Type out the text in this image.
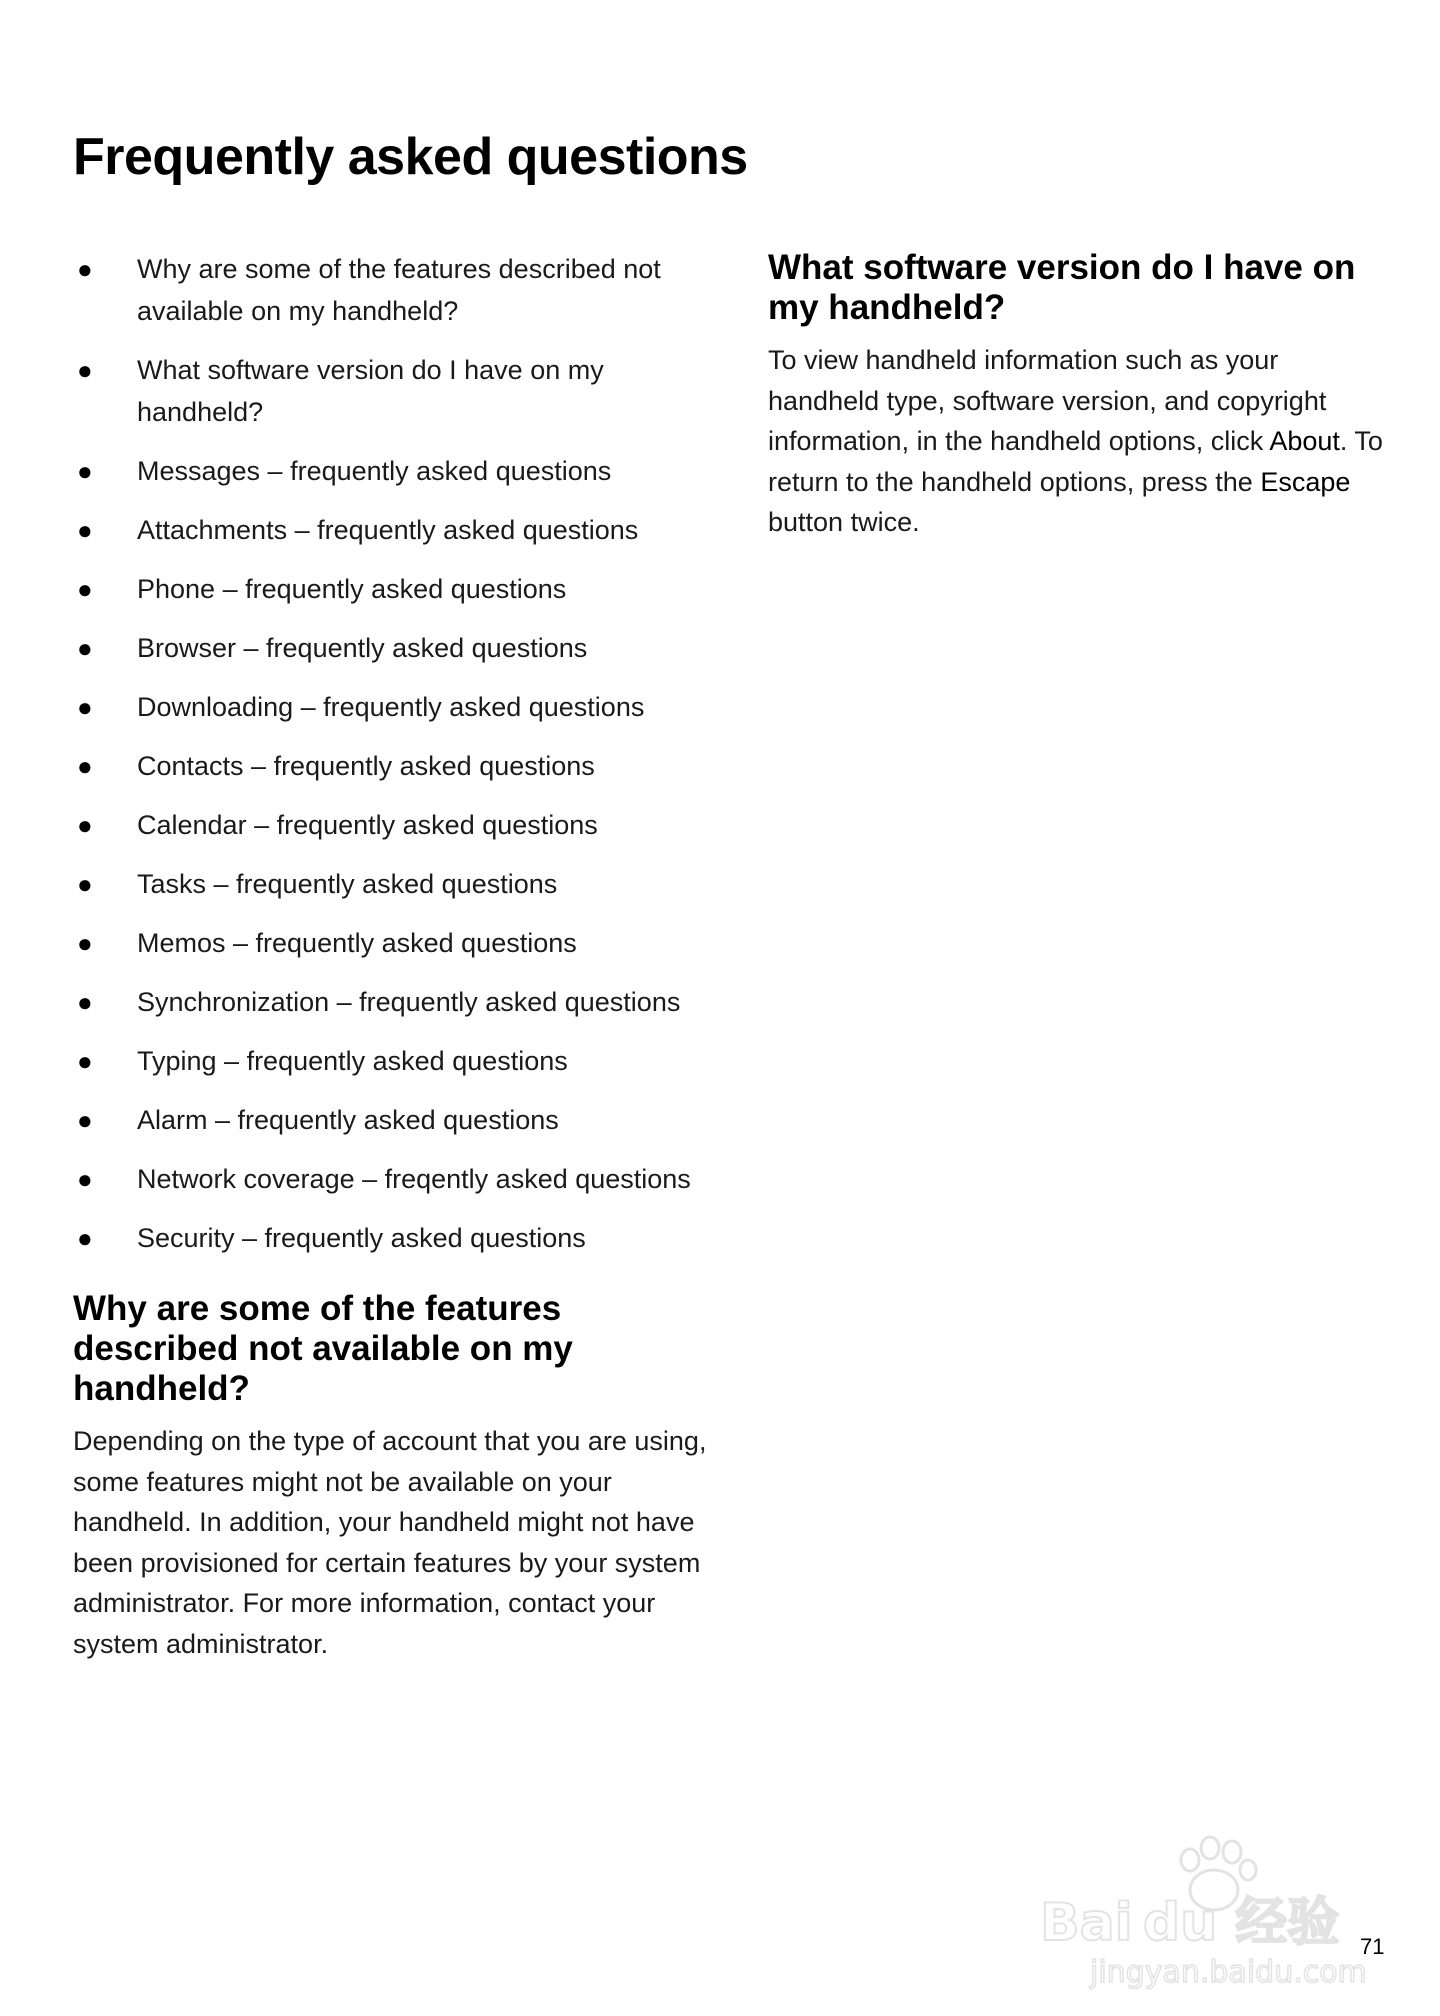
Frequently asked questions
● Why are some of the features described not available on my handheld?
● What software version do I have on my handheld?
● Messages – frequently asked questions
● Attachments – frequently asked questions
● Phone – frequently asked questions
● Browser – frequently asked questions
● Downloading – frequently asked questions
● Contacts – frequently asked questions
● Calendar – frequently asked questions
● Tasks – frequently asked questions
● Memos – frequently asked questions
● Synchronization – frequently asked questions
● Typing – frequently asked questions
● Alarm – frequently asked questions
● Network coverage – freqently asked questions
● Security – frequently asked questions
Why are some of the features described not available on my handheld?

Depending on the type of account that you are using, some features might not be available on your handheld. In addition, your handheld might not have been provisioned for certain features by your system administrator. For more information, contact your system administrator.

What software version do I have on my handheld?

To view handheld information such as your handheld type, software version, and copyright information, in the handheld options, click About. To return to the handheld options, press the Escape button twice.

Bai du 经验
jingyan.baidu.com
71
